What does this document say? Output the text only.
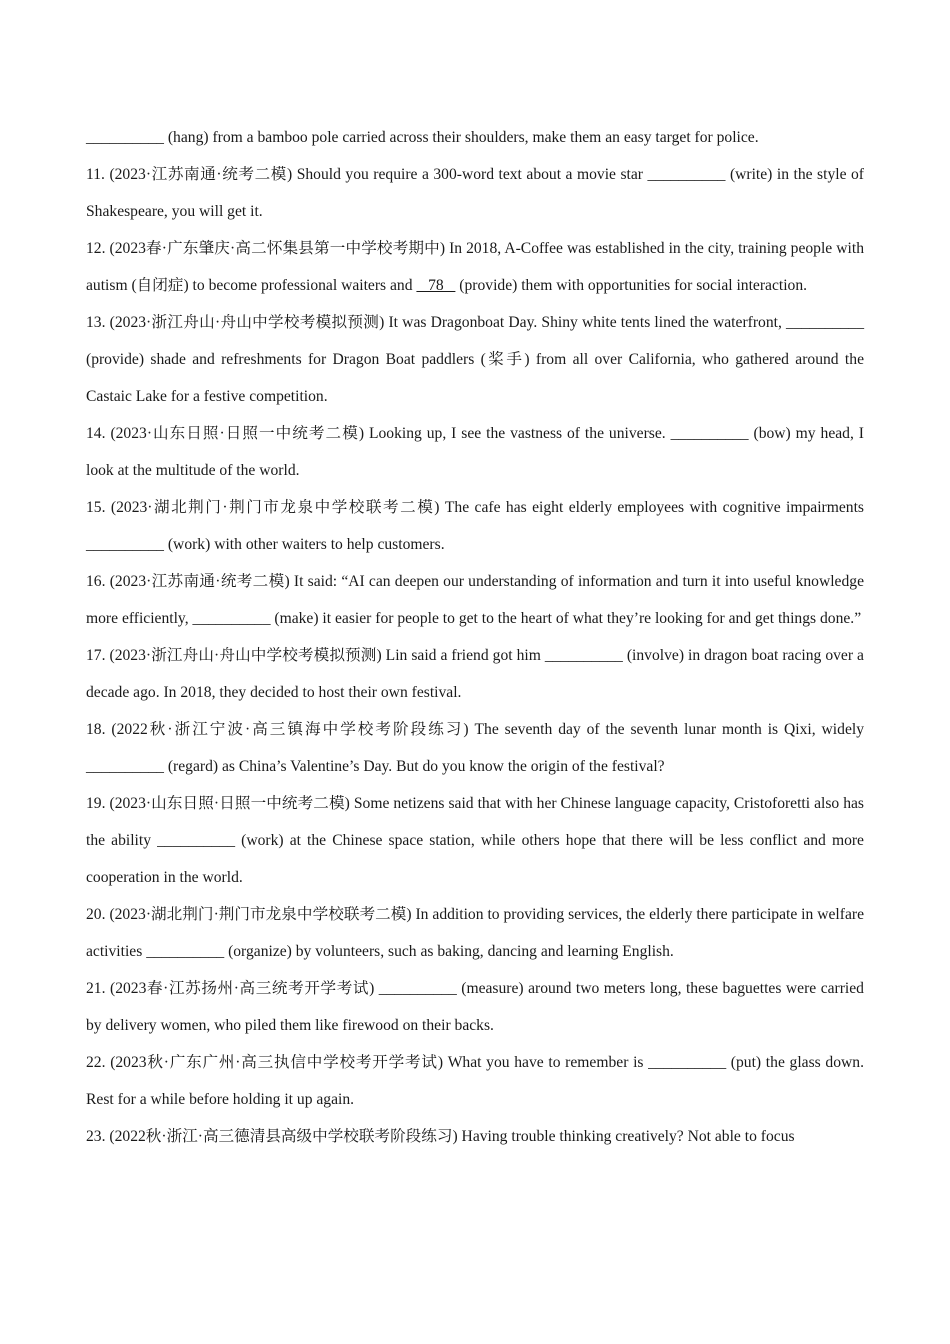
__________ (hang) from a bamboo pole carried across their shoulders, make them an easy target for police.

11. (2023·江苏南通·统考二模) Should you require a 300-word text about a movie star __________ (write) in the style of Shakespeare, you will get it.

12. (2023春·广东肇庆·高二怀集县第一中学校考期中) In 2018, A-Coffee was established in the city, training people with autism (自闭症) to become professional waiters and    78    (provide) them with opportunities for social interaction.

13. (2023·浙江舟山·舟山中学校考模拟预测) It was Dragonboat Day. Shiny white tents lined the waterfront, __________ (provide) shade and refreshments for Dragon Boat paddlers (桨手) from all over California, who gathered around the Castaic Lake for a festive competition.

14. (2023·山东日照·日照一中统考二模) Looking up, I see the vastness of the universe. __________ (bow) my head, I look at the multitude of the world.

15. (2023·湖北荆门·荆门市龙泉中学校联考二模) The cafe has eight elderly employees with cognitive impairments __________ (work) with other waiters to help customers.

16. (2023·江苏南通·统考二模) It said: “AI can deepen our understanding of information and turn it into useful knowledge more efficiently, __________ (make) it easier for people to get to the heart of what they’re looking for and get things done.”

17. (2023·浙江舟山·舟山中学校考模拟预测) Lin said a friend got him __________ (involve) in dragon boat racing over a decade ago. In 2018, they decided to host their own festival.

18. (2022秋·浙江宁波·高三镇海中学校考阶段练习) The seventh day of the seventh lunar month is Qixi, widely __________ (regard) as China’s Valentine’s Day. But do you know the origin of the festival?

19. (2023·山东日照·日照一中统考二模) Some netizens said that with her Chinese language capacity, Cristoforetti also has the ability __________ (work) at the Chinese space station, while others hope that there will be less conflict and more cooperation in the world.

20. (2023·湖北荆门·荆门市龙泉中学校联考二模) In addition to providing services, the elderly there participate in welfare activities __________ (organize) by volunteers, such as baking, dancing and learning English.

21. (2023春·江苏扬州·高三统考开学考试) __________ (measure) around two meters long, these baguettes were carried by delivery women, who piled them like firewood on their backs.

22. (2023秋·广东广州·高三执信中学校考开学考试) What you have to remember is __________ (put) the glass down. Rest for a while before holding it up again.

23. (2022秋·浙江·高三德清县高级中学校联考阶段练习) Having trouble thinking creatively? Not able to focus
